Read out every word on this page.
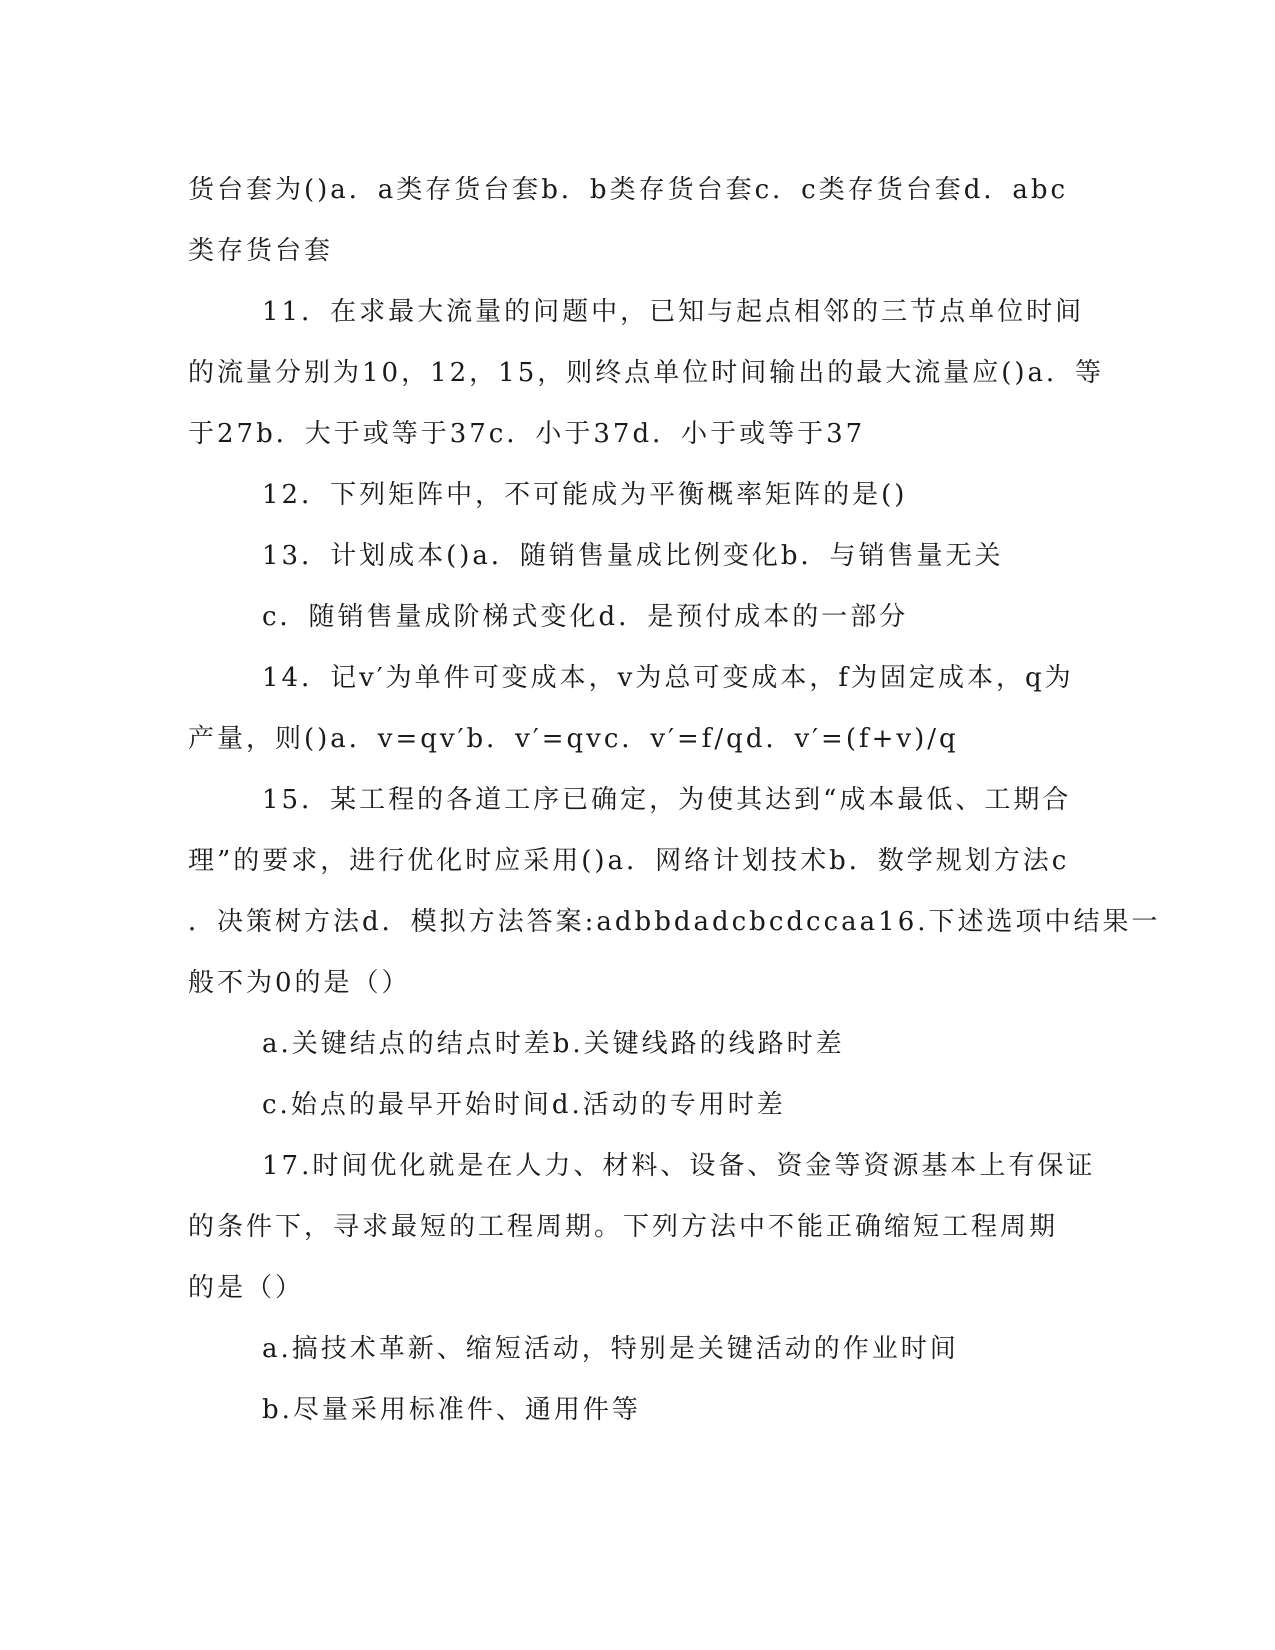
货台套为()a．a类存货台套b．b类存货台套c．c类存货台套d．abc
类存货台套
11．在求最大流量的问题中，已知与起点相邻的三节点单位时间
的流量分别为10，12，15，则终点单位时间输出的最大流量应()a．等
于27b．大于或等于37c．小于37d．小于或等于37
12．下列矩阵中，不可能成为平衡概率矩阵的是()
13．计划成本()a．随销售量成比例变化b．与销售量无关
c．随销售量成阶梯式变化d．是预付成本的一部分
14．记v′为单件可变成本，v为总可变成本，f为固定成本，q为
产量，则()a．v=qv′b．v′=qvc．v′=f/qd．v′=(f+v)/q
15．某工程的各道工序已确定，为使其达到“成本最低、工期合
理”的要求，进行优化时应采用()a．网络计划技术b．数学规划方法c
．决策树方法d．模拟方法答案:adbbdadcbcdccaa16.下述选项中结果一
般不为0的是（）
a.关键结点的结点时差b.关键线路的线路时差
c.始点的最早开始时间d.活动的专用时差
17.时间优化就是在人力、材料、设备、资金等资源基本上有保证
的条件下，寻求最短的工程周期。下列方法中不能正确缩短工程周期
的是（）
a.搞技术革新、缩短活动，特别是关键活动的作业时间
b.尽量采用标准件、通用件等
